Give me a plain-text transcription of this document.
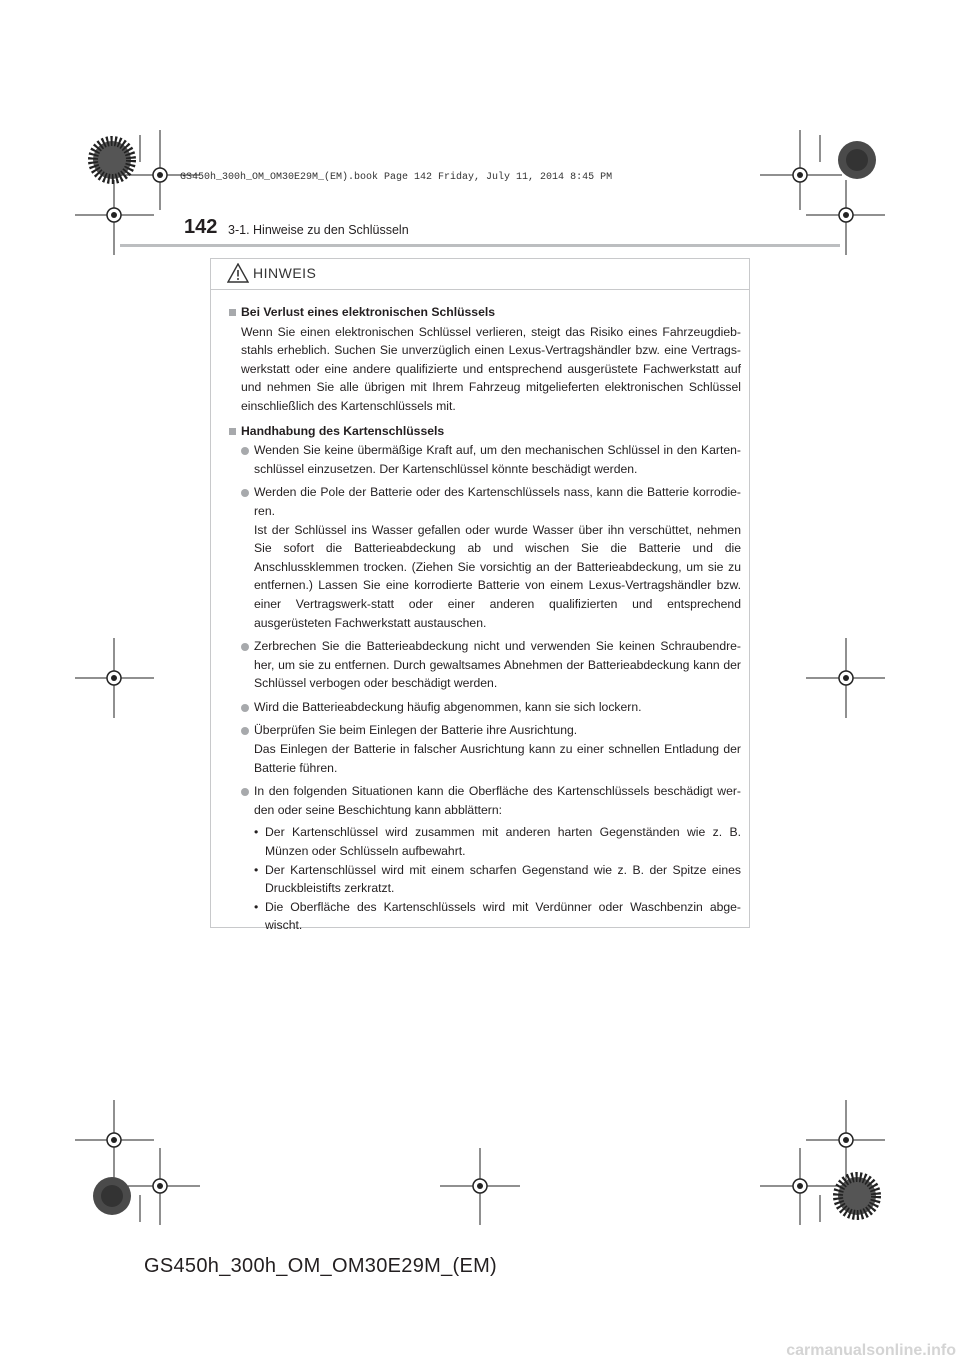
GS450h_300h_OM_OM30E29M_(EM).book Page 142 Friday, July 11, 2014 8:45 PM
142 3-1. Hinweise zu den Schlüsseln
HINWEIS
Bei Verlust eines elektronischen Schlüssels
Wenn Sie einen elektronischen Schlüssel verlieren, steigt das Risiko eines Fahrzeugdieb-stahls erheblich. Suchen Sie unverzüglich einen Lexus-Vertragshändler bzw. eine Vertrags-werkstatt oder eine andere qualifizierte und entsprechend ausgerüstete Fachwerkstatt auf und nehmen Sie alle übrigen mit Ihrem Fahrzeug mitgelieferten elektronischen Schlüssel einschließlich des Kartenschlüssels mit.
Handhabung des Kartenschlüssels
Wenden Sie keine übermäßige Kraft auf, um den mechanischen Schlüssel in den Karten-schlüssel einzusetzen. Der Kartenschlüssel könnte beschädigt werden.
Werden die Pole der Batterie oder des Kartenschlüssels nass, kann die Batterie korrodie-ren.
Ist der Schlüssel ins Wasser gefallen oder wurde Wasser über ihn verschüttet, nehmen Sie sofort die Batterieabdeckung ab und wischen Sie die Batterie und die Anschlussklemmen trocken. (Ziehen Sie vorsichtig an der Batterieabdeckung, um sie zu entfernen.) Lassen Sie eine korrodierte Batterie von einem Lexus-Vertragshändler bzw. einer Vertragswerk-statt oder einer anderen qualifizierten und entsprechend ausgerüsteten Fachwerkstatt austauschen.
Zerbrechen Sie die Batterieabdeckung nicht und verwenden Sie keinen Schraubendre-her, um sie zu entfernen. Durch gewaltsames Abnehmen der Batterieabdeckung kann der Schlüssel verbogen oder beschädigt werden.
Wird die Batterieabdeckung häufig abgenommen, kann sie sich lockern.
Überprüfen Sie beim Einlegen der Batterie ihre Ausrichtung.
Das Einlegen der Batterie in falscher Ausrichtung kann zu einer schnellen Entladung der Batterie führen.
In den folgenden Situationen kann die Oberfläche des Kartenschlüssels beschädigt wer-den oder seine Beschichtung kann abblättern:
• Der Kartenschlüssel wird zusammen mit anderen harten Gegenständen wie z. B. Münzen oder Schlüsseln aufbewahrt.
• Der Kartenschlüssel wird mit einem scharfen Gegenstand wie z. B. der Spitze eines Druckbleistifts zerkratzt.
• Die Oberfläche des Kartenschlüssels wird mit Verdünner oder Waschbenzin abge-wischt.
GS450h_300h_OM_OM30E29M_(EM)
carmanualsonline.info
